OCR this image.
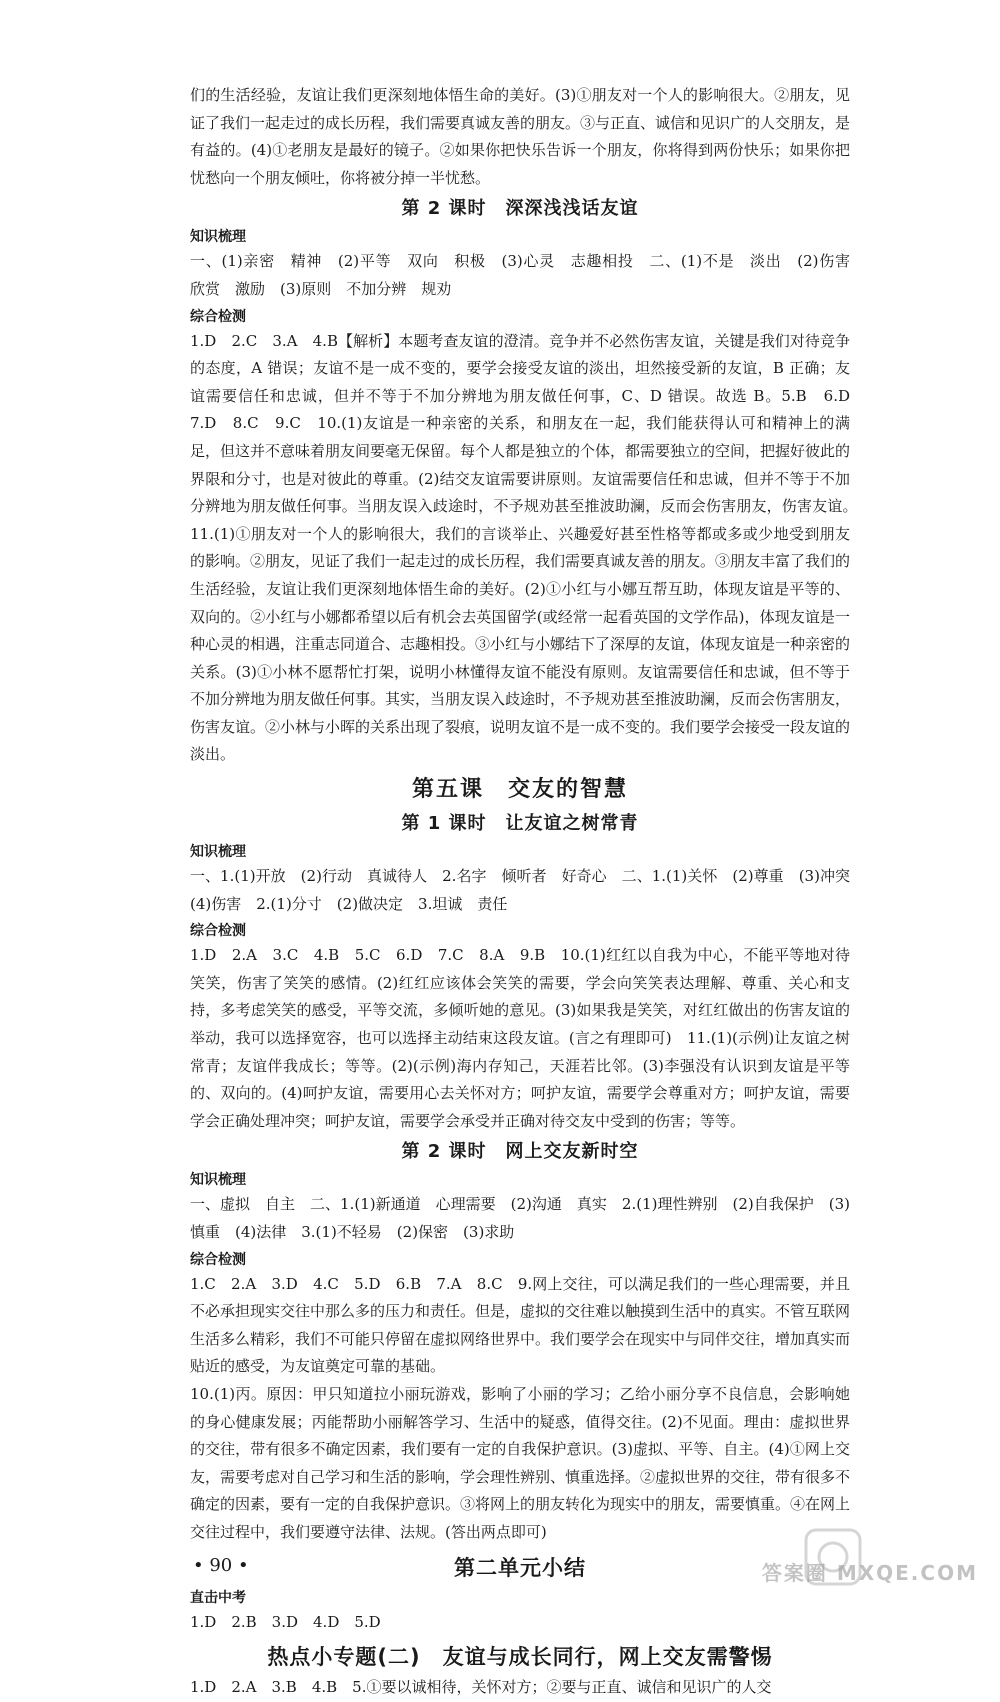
们的生活经验，友谊让我们更深刻地体悟生命的美好。(3)①朋友对一个人的影响很大。②朋友，见证了我们一起走过的成长历程，我们需要真诚友善的朋友。③与正直、诚信和见识广的人交朋友，是有益的。(4)①老朋友是最好的镜子。②如果你把快乐告诉一个朋友，你将得到两份快乐；如果你把忧愁向一个朋友倾吐，你将被分掉一半忧愁。

第 2 课时　深深浅浅话友谊
知识梳理

一、(1)亲密　精神　(2)平等　双向　积极　(3)心灵　志趣相投　二、(1)不是　淡出　(2)伤害　欣赏　激励　(3)原则　不加分辨　规劝

综合检测

1.D　2.C　3.A　4.B【解析】本题考查友谊的澄清。竞争并不必然伤害友谊，关键是我们对待竞争的态度，A 错误；友谊不是一成不变的，要学会接受友谊的淡出，坦然接受新的友谊，B 正确；友谊需要信任和忠诚，但并不等于不加分辨地为朋友做任何事，C、D 错误。故选 B。5.B　6.D　7.D　8.C　9.C　10.(1)友谊是一种亲密的关系，和朋友在一起，我们能获得认可和精神上的满足，但这并不意味着朋友间要毫无保留。每个人都是独立的个体，都需要独立的空间，把握好彼此的界限和分寸，也是对彼此的尊重。(2)结交友谊需要讲原则。友谊需要信任和忠诚，但并不等于不加分辨地为朋友做任何事。当朋友误入歧途时，不予规劝甚至推波助澜，反而会伤害朋友，伤害友谊。　11.(1)①朋友对一个人的影响很大，我们的言谈举止、兴趣爱好甚至性格等都或多或少地受到朋友的影响。②朋友，见证了我们一起走过的成长历程，我们需要真诚友善的朋友。③朋友丰富了我们的生活经验，友谊让我们更深刻地体悟生命的美好。(2)①小红与小娜互帮互助，体现友谊是平等的、双向的。②小红与小娜都希望以后有机会去英国留学(或经常一起看英国的文学作品)，体现友谊是一种心灵的相遇，注重志同道合、志趣相投。③小红与小娜结下了深厚的友谊，体现友谊是一种亲密的关系。(3)①小林不愿帮忙打架，说明小林懂得友谊不能没有原则。友谊需要信任和忠诚，但不等于不加分辨地为朋友做任何事。其实，当朋友误入歧途时，不予规劝甚至推波助澜，反而会伤害朋友，伤害友谊。②小林与小晖的关系出现了裂痕，说明友谊不是一成不变的。我们要学会接受一段友谊的淡出。

第五课　交友的智慧
第 1 课时　让友谊之树常青
知识梳理

一、1.(1)开放　(2)行动　真诚待人　2.名字　倾听者　好奇心　二、1.(1)关怀　(2)尊重　(3)冲突　(4)伤害　2.(1)分寸　(2)做决定　3.坦诚　责任

综合检测

1.D　2.A　3.C　4.B　5.C　6.D　7.C　8.A　9.B　10.(1)红红以自我为中心，不能平等地对待笑笑，伤害了笑笑的感情。(2)红红应该体会笑笑的需要，学会向笑笑表达理解、尊重、关心和支持，多考虑笑笑的感受，平等交流，多倾听她的意见。(3)如果我是笑笑，对红红做出的伤害友谊的举动，我可以选择宽容，也可以选择主动结束这段友谊。(言之有理即可)　11.(1)(示例)让友谊之树常青；友谊伴我成长；等等。(2)(示例)海内存知己，天涯若比邻。(3)李强没有认识到友谊是平等的、双向的。(4)呵护友谊，需要用心去关怀对方；呵护友谊，需要学会尊重对方；呵护友谊，需要学会正确处理冲突；呵护友谊，需要学会承受并正确对待交友中受到的伤害；等等。

第 2 课时　网上交友新时空
知识梳理

一、虚拟　自主　二、1.(1)新通道　心理需要　(2)沟通　真实　2.(1)理性辨别　(2)自我保护　(3)慎重　(4)法律　3.(1)不轻易　(2)保密　(3)求助

综合检测

1.C　2.A　3.D　4.C　5.D　6.B　7.A　8.C　9.网上交往，可以满足我们的一些心理需要，并且不必承担现实交往中那么多的压力和责任。但是，虚拟的交往难以触摸到生活中的真实。不管互联网生活多么精彩，我们不可能只停留在虚拟网络世界中。我们要学会在现实中与同伴交往，增加真实而贴近的感受，为友谊奠定可靠的基础。

10.(1)丙。原因：甲只知道拉小丽玩游戏，影响了小丽的学习；乙给小丽分享不良信息，会影响她的身心健康发展；丙能帮助小丽解答学习、生活中的疑惑，值得交往。(2)不见面。理由：虚拟世界的交往，带有很多不确定因素，我们要有一定的自我保护意识。(3)虚拟、平等、自主。(4)①网上交友，需要考虑对自己学习和生活的影响，学会理性辨别、慎重选择。②虚拟世界的交往，带有很多不确定的因素，要有一定的自我保护意识。③将网上的朋友转化为现实中的朋友，需要慎重。④在网上交往过程中，我们要遵守法律、法规。(答出两点即可)

第二单元小结
直击中考

1.D　2.B　3.D　4.D　5.D

热点小专题(二)　友谊与成长同行，网上交友需警惕

1.D　2.A　3.B　4.B　5.①要以诚相待，关怀对方；②要与正直、诚信和见识广的人交

• 90 •	答案圈 MXQE.COM
